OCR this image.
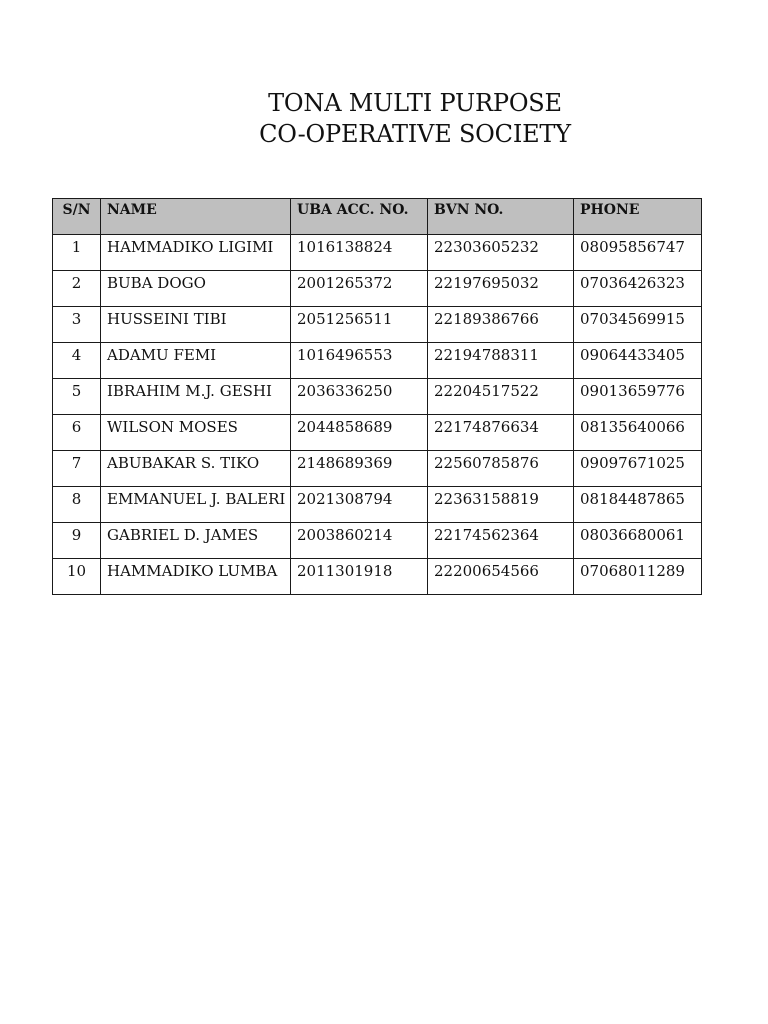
TONA MULTI PURPOSE
CO-OPERATIVE SOCIETY
S/N	NAME	UBA ACC. NO.	BVN NO.	PHONE
1	HAMMADIKO LIGIMI	1016138824	22303605232	08095856747
2	BUBA DOGO	2001265372	22197695032	07036426323
3	HUSSEINI TIBI	2051256511	22189386766	07034569915
4	ADAMU FEMI	1016496553	22194788311	09064433405
5	IBRAHIM M.J. GESHI	2036336250	22204517522	09013659776
6	WILSON MOSES	2044858689	22174876634	08135640066
7	ABUBAKAR S. TIKO	2148689369	22560785876	09097671025
8	EMMANUEL J. BALERI	2021308794	22363158819	08184487865
9	GABRIEL D. JAMES	2003860214	22174562364	08036680061
10	HAMMADIKO LUMBA	2011301918	22200654566	07068011289
